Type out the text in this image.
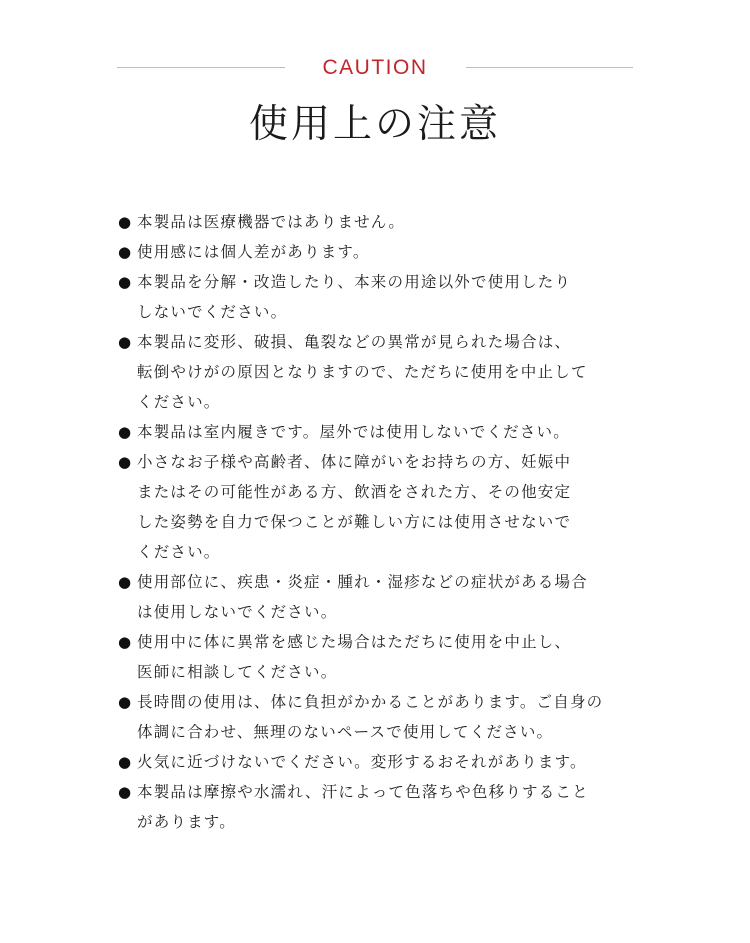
CAUTION
使用上の注意
● 本製品は医療機器ではありません。
● 使用感には個人差があります。
● 本製品を分解・改造したり、本来の用途以外で使用したり
しないでください。
● 本製品に変形、破損、亀裂などの異常が見られた場合は、
転倒やけがの原因となりますので、ただちに使用を中止して
ください。
● 本製品は室内履きです。屋外では使用しないでください。
● 小さなお子様や高齢者、体に障がいをお持ちの方、妊娠中
またはその可能性がある方、飲酒をされた方、その他安定
した姿勢を自力で保つことが難しい方には使用させないで
ください。
● 使用部位に、疾患・炎症・腫れ・湿疹などの症状がある場合
は使用しないでください。
● 使用中に体に異常を感じた場合はただちに使用を中止し、
医師に相談してください。
● 長時間の使用は、体に負担がかかることがあります。ご自身の
体調に合わせ、無理のないペースで使用してください。
● 火気に近づけないでください。変形するおそれがあります。
● 本製品は摩擦や水濡れ、汗によって色落ちや色移りすること
があります。
